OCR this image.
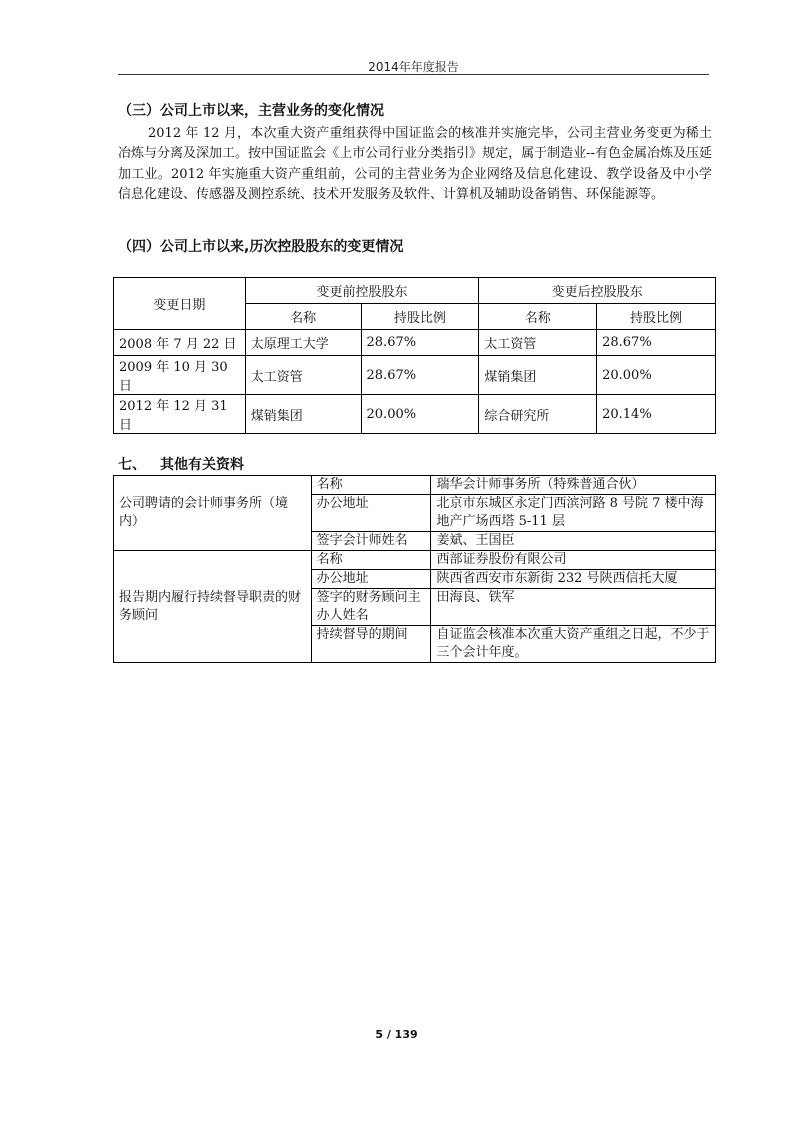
2014年年度报告
（三）公司上市以来，主营业务的变化情况

2012 年 12 月，本次重大资产重组获得中国证监会的核准并实施完毕，公司主营业务变更为稀土冶炼与分离及深加工。按中国证监会《上市公司行业分类指引》规定，属于制造业--有色金属冶炼及压延加工业。2012 年实施重大资产重组前，公司的主营业务为企业网络及信息化建设、教学设备及中小学信息化建设、传感器及测控系统、技术开发服务及软件、计算机及辅助设备销售、环保能源等。

（四）公司上市以来,历次控股股东的变更情况
变更日期	变更前控股股东		变更后控股股东	
	名称	持股比例	名称	持股比例
2008 年 7 月 22 日	太原理工大学	28.67%	太工资管	28.67%
2009 年 10 月 30 日	太工资管	28.67%	煤销集团	20.00%
2012 年 12 月 31 日	煤销集团	20.00%	综合研究所	20.14%
七、 其他有关资料
公司聘请的会计师事务所（境内）	名称	瑞华会计师事务所（特殊普通合伙）
	办公地址	北京市东城区永定门西滨河路 8 号院 7 楼中海地产广场西塔 5-11 层
	签字会计师姓名	姜斌、王国臣
报告期内履行持续督导职责的财务顾问	名称	西部证券股份有限公司
	办公地址	陕西省西安市东新街 232 号陕西信托大厦
	签字的财务顾问主办人姓名	田海良、铁军
	持续督导的期间	自证监会核准本次重大资产重组之日起，不少于三个会计年度。
5 / 139
